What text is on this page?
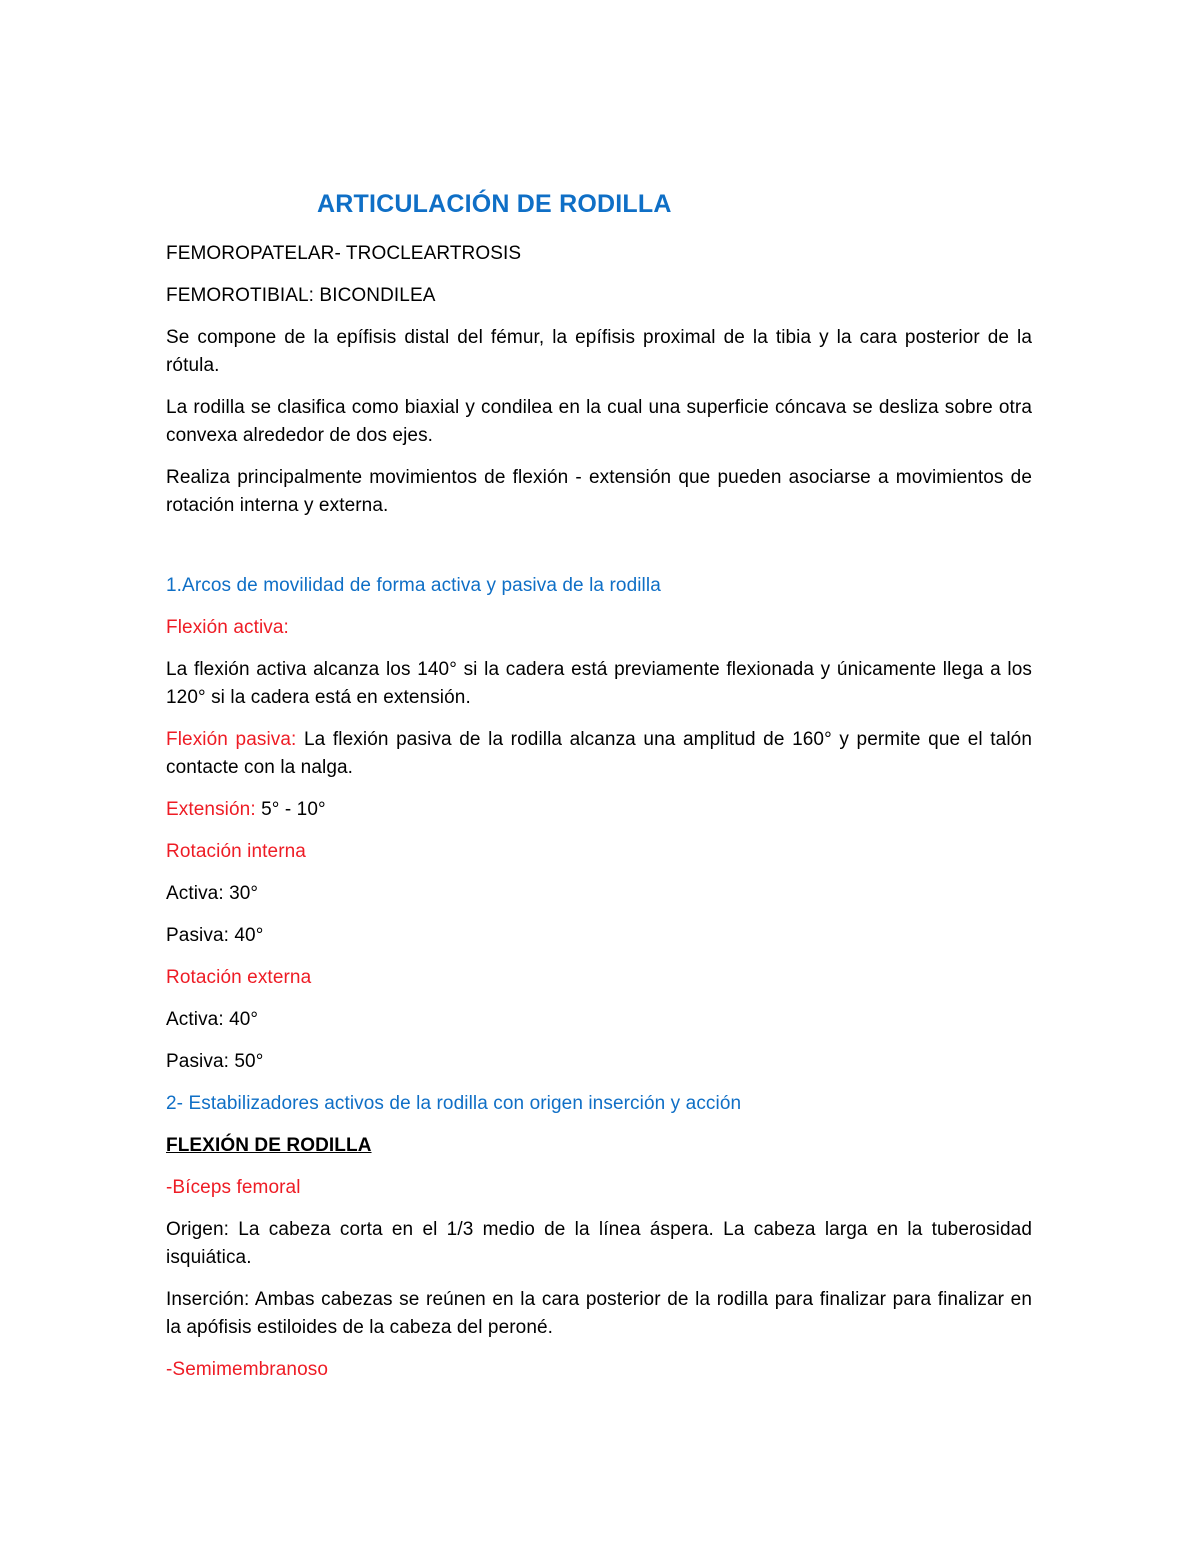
ARTICULACIÓN DE RODILLA

FEMOROPATELAR- TROCLEARTROSIS

FEMOROTIBIAL: BICONDILEA

Se compone de la epífisis distal del fémur, la epífisis proximal de la tibia y la cara posterior de la rótula.

La rodilla se clasifica como biaxial y condilea en la cual una superficie cóncava se desliza sobre otra convexa alrededor de dos ejes.

Realiza principalmente movimientos de flexión - extensión que pueden asociarse a movimientos de rotación interna y externa.

1.Arcos de movilidad de forma activa y pasiva de la rodilla

Flexión activa:

La flexión activa alcanza los 140° si la cadera está previamente flexionada y únicamente llega a los 120° si la cadera está en extensión.

Flexión pasiva: La flexión pasiva de la rodilla alcanza una amplitud de 160° y permite que el talón contacte con la nalga.

Extensión: 5° - 10°

Rotación interna

Activa: 30°

Pasiva: 40°

Rotación externa

Activa: 40°

Pasiva: 50°

2- Estabilizadores activos de la rodilla con origen inserción y acción

FLEXIÓN DE RODILLA

-Bíceps femoral

Origen: La cabeza corta en el 1/3 medio de la línea áspera. La cabeza larga en la tuberosidad isquiática.

Inserción: Ambas cabezas se reúnen en la cara posterior de la rodilla para finalizar para finalizar en la apófisis estiloides de la cabeza del peroné.

-Semimembranoso
